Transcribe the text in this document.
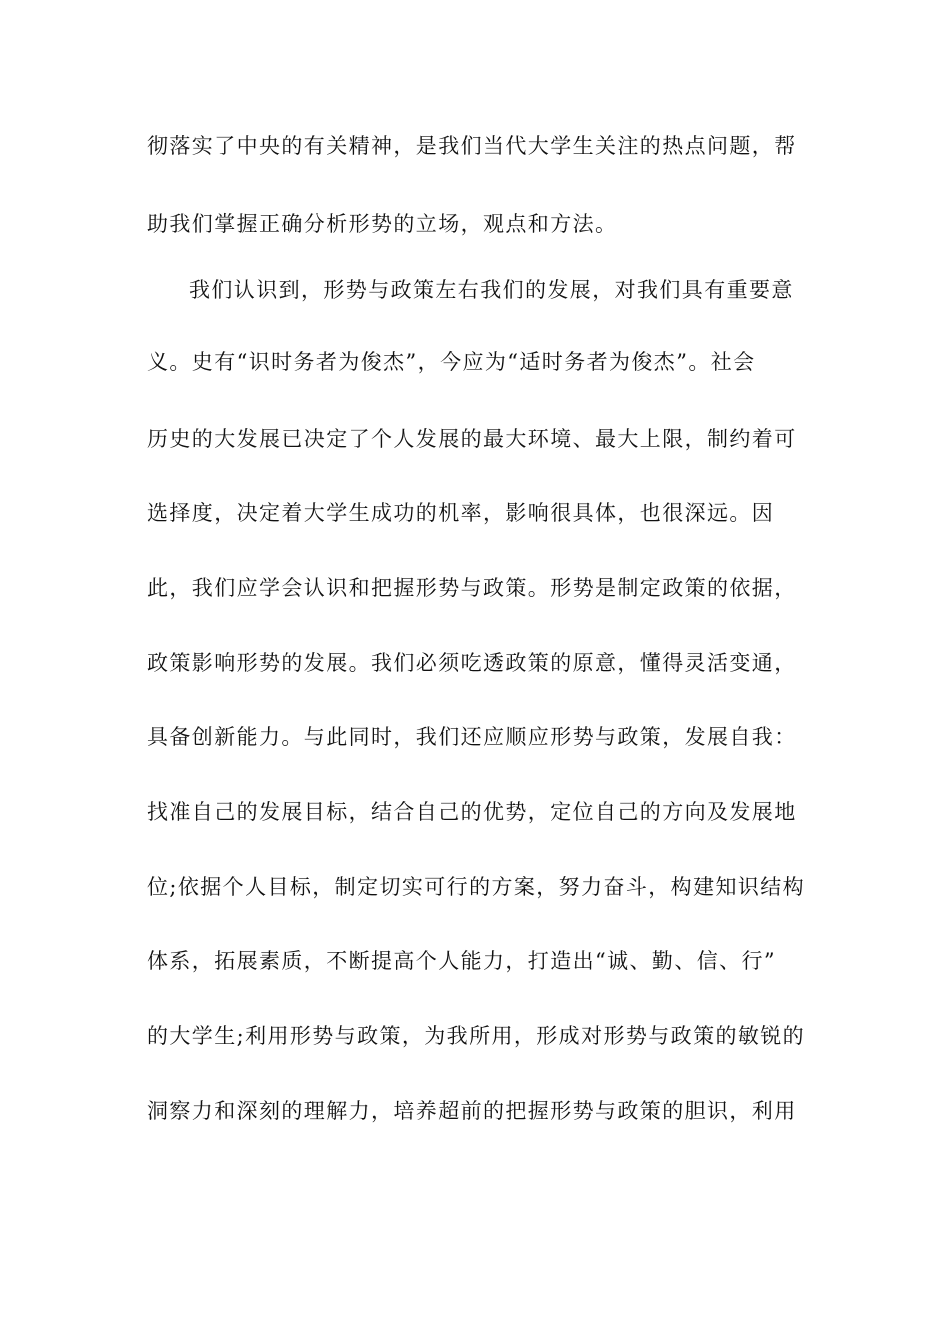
彻落实了中央的有关精神，是我们当代大学生关注的热点问题，帮
助我们掌握正确分析形势的立场，观点和方法。
我们认识到，形势与政策左右我们的发展，对我们具有重要意
义。史有“识时务者为俊杰”，今应为“适时务者为俊杰”。社会
历史的大发展已决定了个人发展的最大环境、最大上限，制约着可
选择度，决定着大学生成功的机率，影响很具体，也很深远。因
此，我们应学会认识和把握形势与政策。形势是制定政策的依据，
政策影响形势的发展。我们必须吃透政策的原意，懂得灵活变通，
具备创新能力。与此同时，我们还应顺应形势与政策，发展自我：
找准自己的发展目标，结合自己的优势，定位自己的方向及发展地
位;依据个人目标，制定切实可行的方案，努力奋斗，构建知识结构
体系，拓展素质，不断提高个人能力，打造出“诚、勤、信、行”
的大学生;利用形势与政策，为我所用，形成对形势与政策的敏锐的
洞察力和深刻的理解力，培养超前的把握形势与政策的胆识，利用
